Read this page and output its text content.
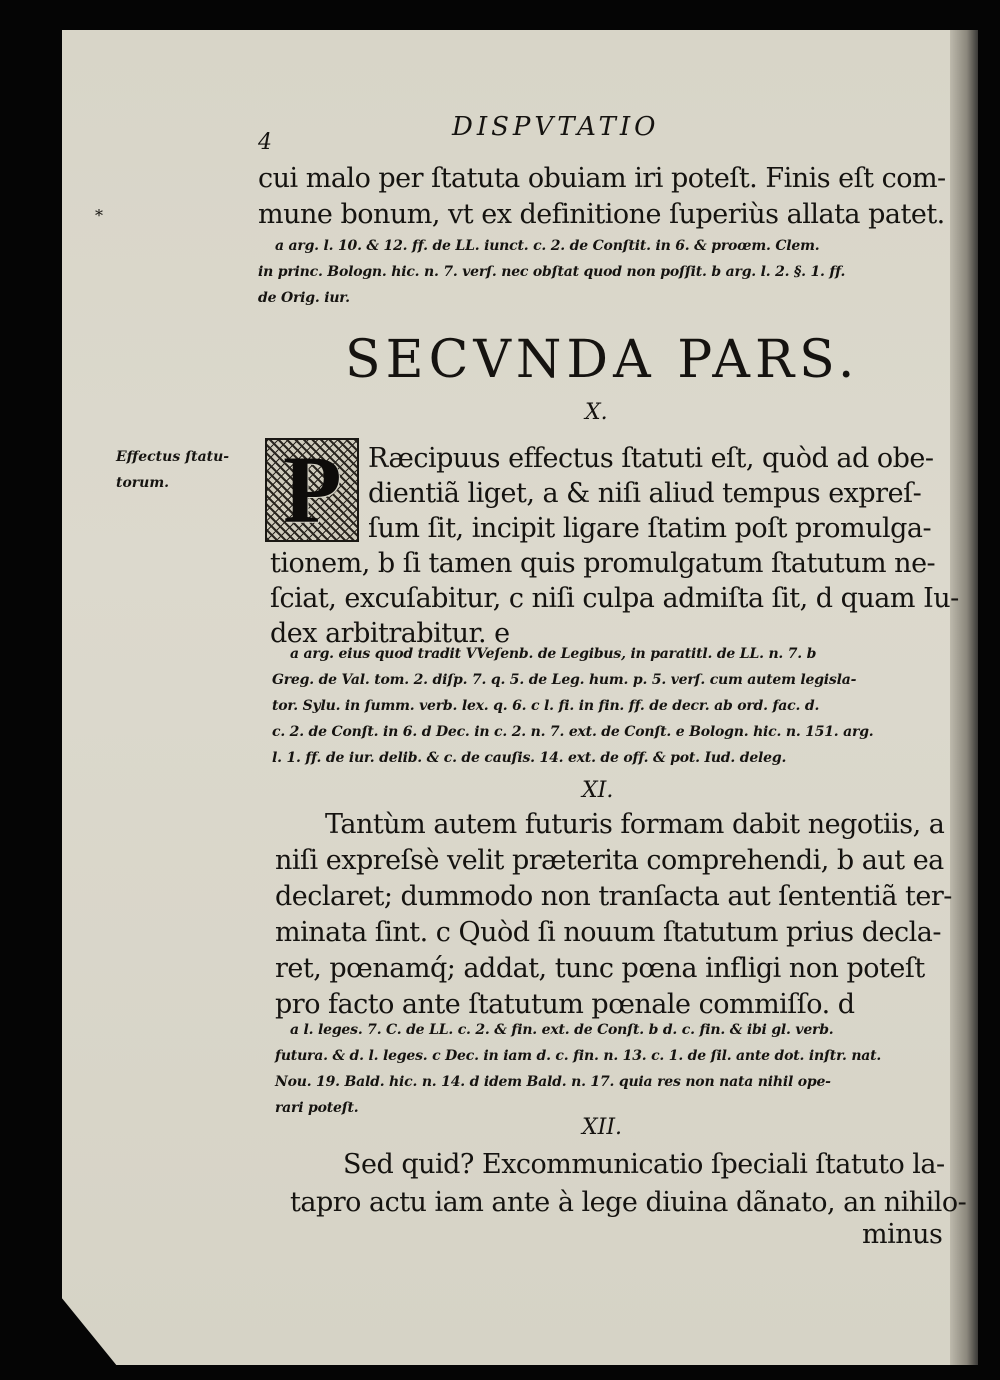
4
DISPVTATIO
*
cui malo per ſtatuta obuiam iri poteſt. Finis eſt com-
mune bonum, vt ex definitione ſuperiùs allata patet.
a arg. l. 10. & 12. ff. de LL. iunct. c. 2. de Conſtit. in 6. & proœm. Clem.
in princ. Bologn. hic. n. 7. verſ. nec obſtat quod non poſſit. b arg. l. 2. §. 1. ff.
de Orig. iur.
SECVNDA PARS.
X.
Effectus ſtatu-
torum.	P Ræcipuus effectus ſtatuti eſt, quòd ad obe-
dientiã liget, a & niſi aliud tempus expreſ-
ſum ſit, incipit ligare ſtatim poſt promulga-
tionem, b ſi tamen quis promulgatum ſtatutum ne-
ſciat, excuſabitur, c niſi culpa admiſta ſit, d quam Iu-
dex arbitrabitur. e
a arg. eius quod tradit VVeſenb. de Legibus, in paratitl. de LL. n. 7. b
Greg. de Val. tom. 2. diſp. 7. q. 5. de Leg. hum. p. 5. verſ. cum autem legisla-
tor. Sylu. in ſumm. verb. lex. q. 6. c l. fi. in fin. ff. de decr. ab ord. fac. d.
c. 2. de Conſt. in 6. d Dec. in c. 2. n. 7. ext. de Conſt. e Bologn. hic. n. 151. arg.
l. 1. ff. de iur. delib. & c. de cauſis. 14. ext. de off. & pot. Iud. deleg.
XI.
Tantùm autem futuris formam dabit negotiis, a
niſi expreſsè velit præterita comprehendi, b aut ea
declaret; dummodo non tranſacta aut ſententiã ter-
minata ſint. c Quòd ſi nouum ſtatutum prius decla-
ret, pœnamq́; addat, tunc pœna infligi non poteſt
pro facto ante ſtatutum pœnale commiſſo. d
a l. leges. 7. C. de LL. c. 2. & fin. ext. de Conſt. b d. c. fin. & ibi gl. verb.
futura. & d. l. leges. c Dec. in iam d. c. fin. n. 13. c. 1. de ſil. ante dot. inſtr. nat.
Nou. 19. Bald. hic. n. 14. d idem Bald. n. 17. quia res non nata nihil ope-
rari poteſt.
XII.
Sed quid? Excommunicatio ſpeciali ſtatuto la-
tapro actu iam ante à lege diuina dãnato, an nihilo-
minus
